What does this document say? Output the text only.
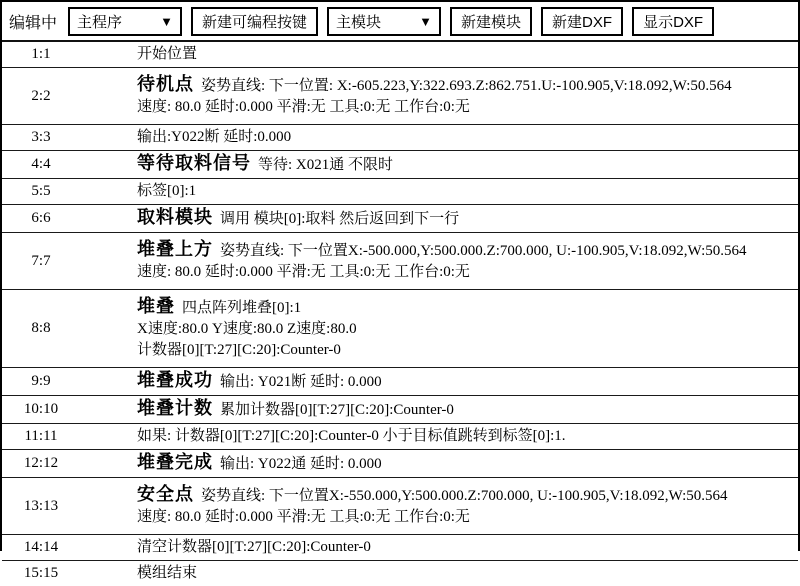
编辑中 主程序	▼	新建可编程按键	主模块	▼	新建模块	新建DXF	显示DXF
1:1	开始位置
2:2
待机点 姿势直线: 下一位置: X:-605.223,Y:322.693.Z:862.751.U:-100.905,V:18.092,W:50.564
速度: 80.0 延时:0.000 平滑:无 工具:0:无 工作台:0:无
3:3	输出:Y022断 延时:0.000
4:4	等待取料信号 等待: X021通 不限时
5:5	标签[0]:1
6:6	取料模块 调用 模块[0]:取料 然后返回到下一行
7:7
堆叠上方 姿势直线: 下一位置X:-500.000,Y:500.000.Z:700.000, U:-100.905,V:18.092,W:50.564
速度: 80.0 延时:0.000 平滑:无 工具:0:无 工作台:0:无
8:8
堆叠 四点阵列堆叠[0]:1
X速度:80.0 Y速度:80.0 Z速度:80.0
计数器[0][T:27][C:20]:Counter-0
9:9	堆叠成功 输出: Y021断 延时: 0.000
10:10	堆叠计数 累加计数器[0][T:27][C:20]:Counter-0
11:11	如果: 计数器[0][T:27][C:20]:Counter-0 小于目标值跳转到标签[0]:1.
12:12	堆叠完成 输出: Y022通 延时: 0.000
13:13
安全点 姿势直线: 下一位置X:-550.000,Y:500.000.Z:700.000, U:-100.905,V:18.092,W:50.564
速度: 80.0 延时:0.000 平滑:无 工具:0:无 工作台:0:无
14:14	清空计数器[0][T:27][C:20]:Counter-0
15:15	模组结束
